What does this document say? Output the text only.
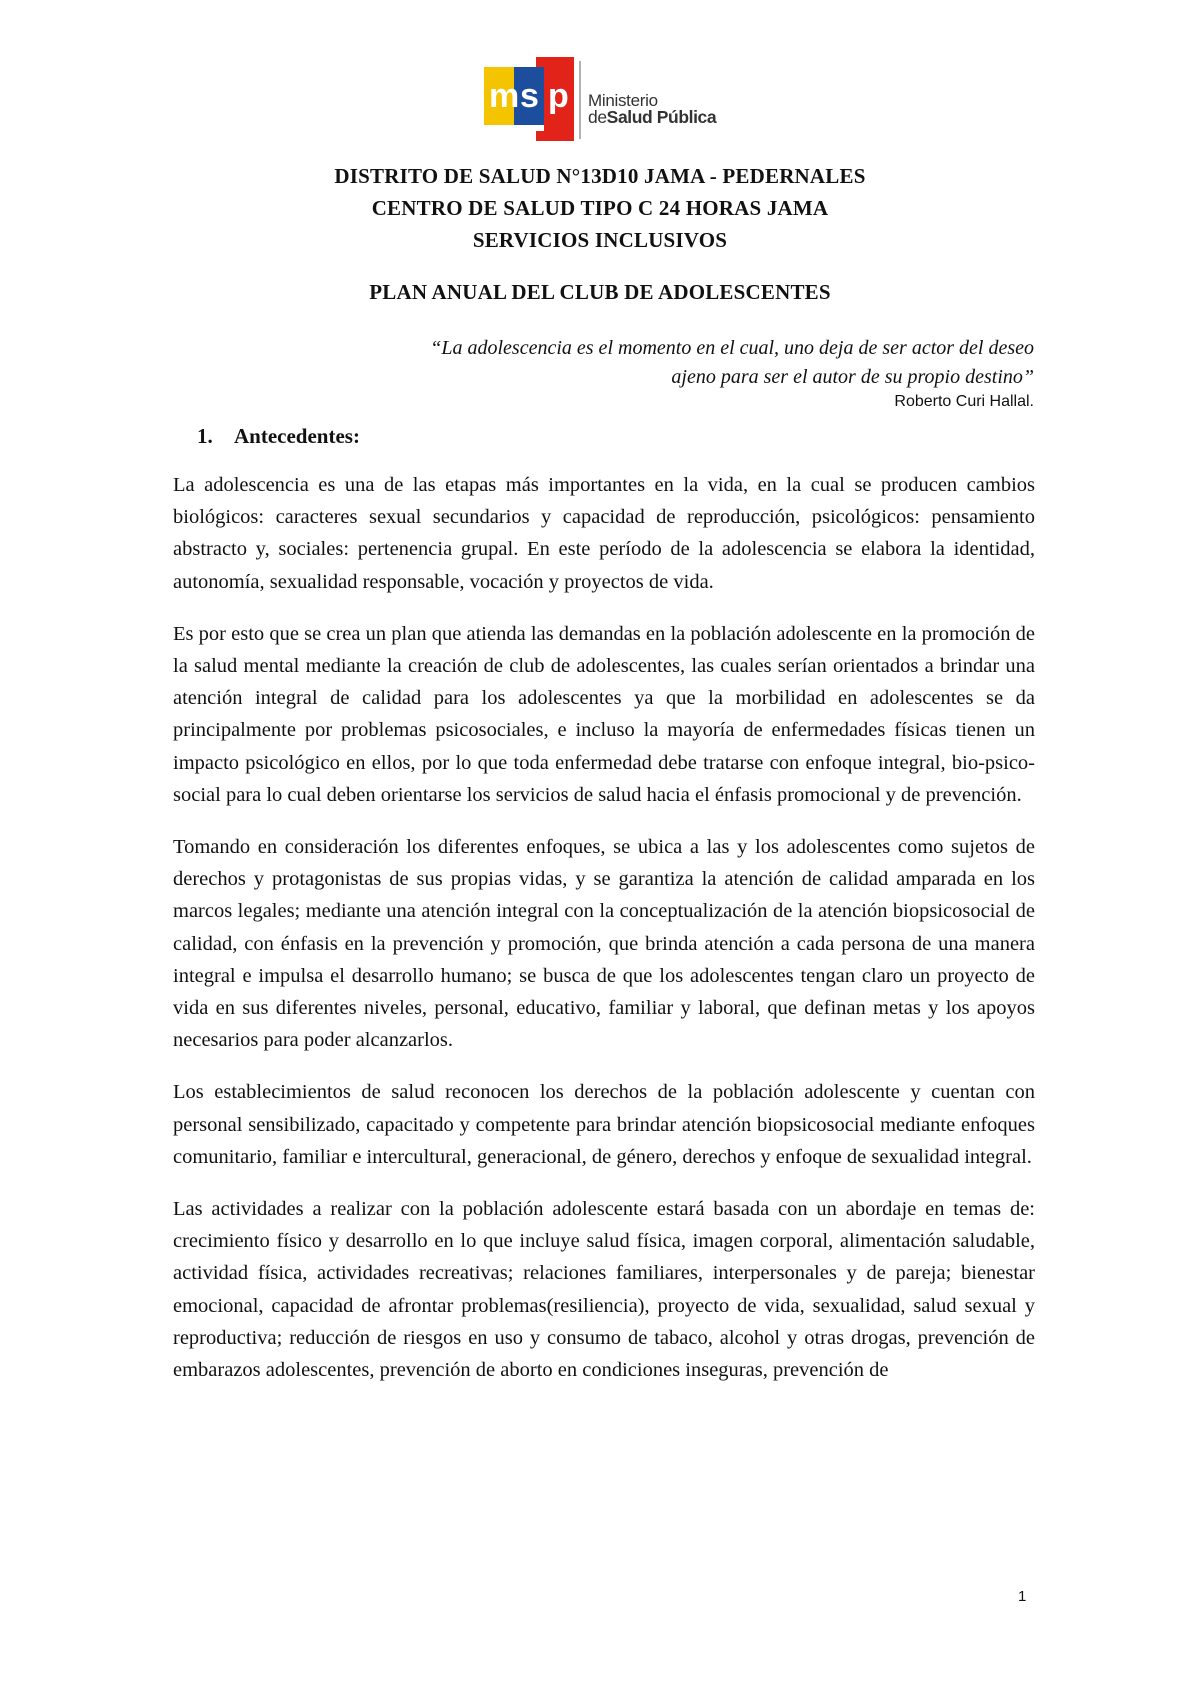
m s p Ministerio
deSalud Pública
DISTRITO DE SALUD N°13D10 JAMA - PEDERNALES
CENTRO DE SALUD TIPO C 24 HORAS JAMA
SERVICIOS INCLUSIVOS
PLAN ANUAL DEL CLUB DE ADOLESCENTES
“La adolescencia es el momento en el cual, uno deja de ser actor del deseo
ajeno para ser el autor de su propio destino”
Roberto Curi Hallal.
1. Antecedentes:

La adolescencia es una de las etapas más importantes en la vida, en la cual se producen cambios biológicos: caracteres sexual secundarios y capacidad de reproducción, psicológicos: pensamiento abstracto y, sociales: pertenencia grupal. En este período de la adolescencia se elabora la identidad, autonomía, sexualidad responsable, vocación y proyectos de vida.

Es por esto que se crea un plan que atienda las demandas en la población adolescente en la promoción de la salud mental mediante la creación de club de adolescentes, las cuales serían orientados a brindar una atención integral de calidad para los adolescentes ya que la morbilidad en adolescentes se da principalmente por problemas psicosociales, e incluso la mayoría de enfermedades físicas tienen un impacto psicológico en ellos, por lo que toda enfermedad debe tratarse con enfoque integral, bio-psico-social para lo cual deben orientarse los servicios de salud hacia el énfasis promocional y de prevención.

Tomando en consideración los diferentes enfoques, se ubica a las y los adolescentes como sujetos de derechos y protagonistas de sus propias vidas, y se garantiza la atención de calidad amparada en los marcos legales; mediante una atención integral con la conceptualización de la atención biopsicosocial de calidad, con énfasis en la prevención y promoción, que brinda atención a cada persona de una manera integral e impulsa el desarrollo humano; se busca de que los adolescentes tengan claro un proyecto de vida en sus diferentes niveles, personal, educativo, familiar y laboral, que definan metas y los apoyos necesarios para poder alcanzarlos.

Los establecimientos de salud reconocen los derechos de la población adolescente y cuentan con personal sensibilizado, capacitado y competente para brindar atención biopsicosocial mediante enfoques comunitario, familiar e intercultural, generacional, de género, derechos y enfoque de sexualidad integral.

Las actividades a realizar con la población adolescente estará basada con un abordaje en temas de: crecimiento físico y desarrollo en lo que incluye salud física, imagen corporal, alimentación saludable, actividad física, actividades recreativas; relaciones familiares, interpersonales y de pareja; bienestar emocional, capacidad de afrontar problemas(resiliencia), proyecto de vida, sexualidad, salud sexual y reproductiva; reducción de riesgos en uso y consumo de tabaco, alcohol y otras drogas, prevención de embarazos adolescentes, prevención de aborto en condiciones inseguras, prevención de

1
